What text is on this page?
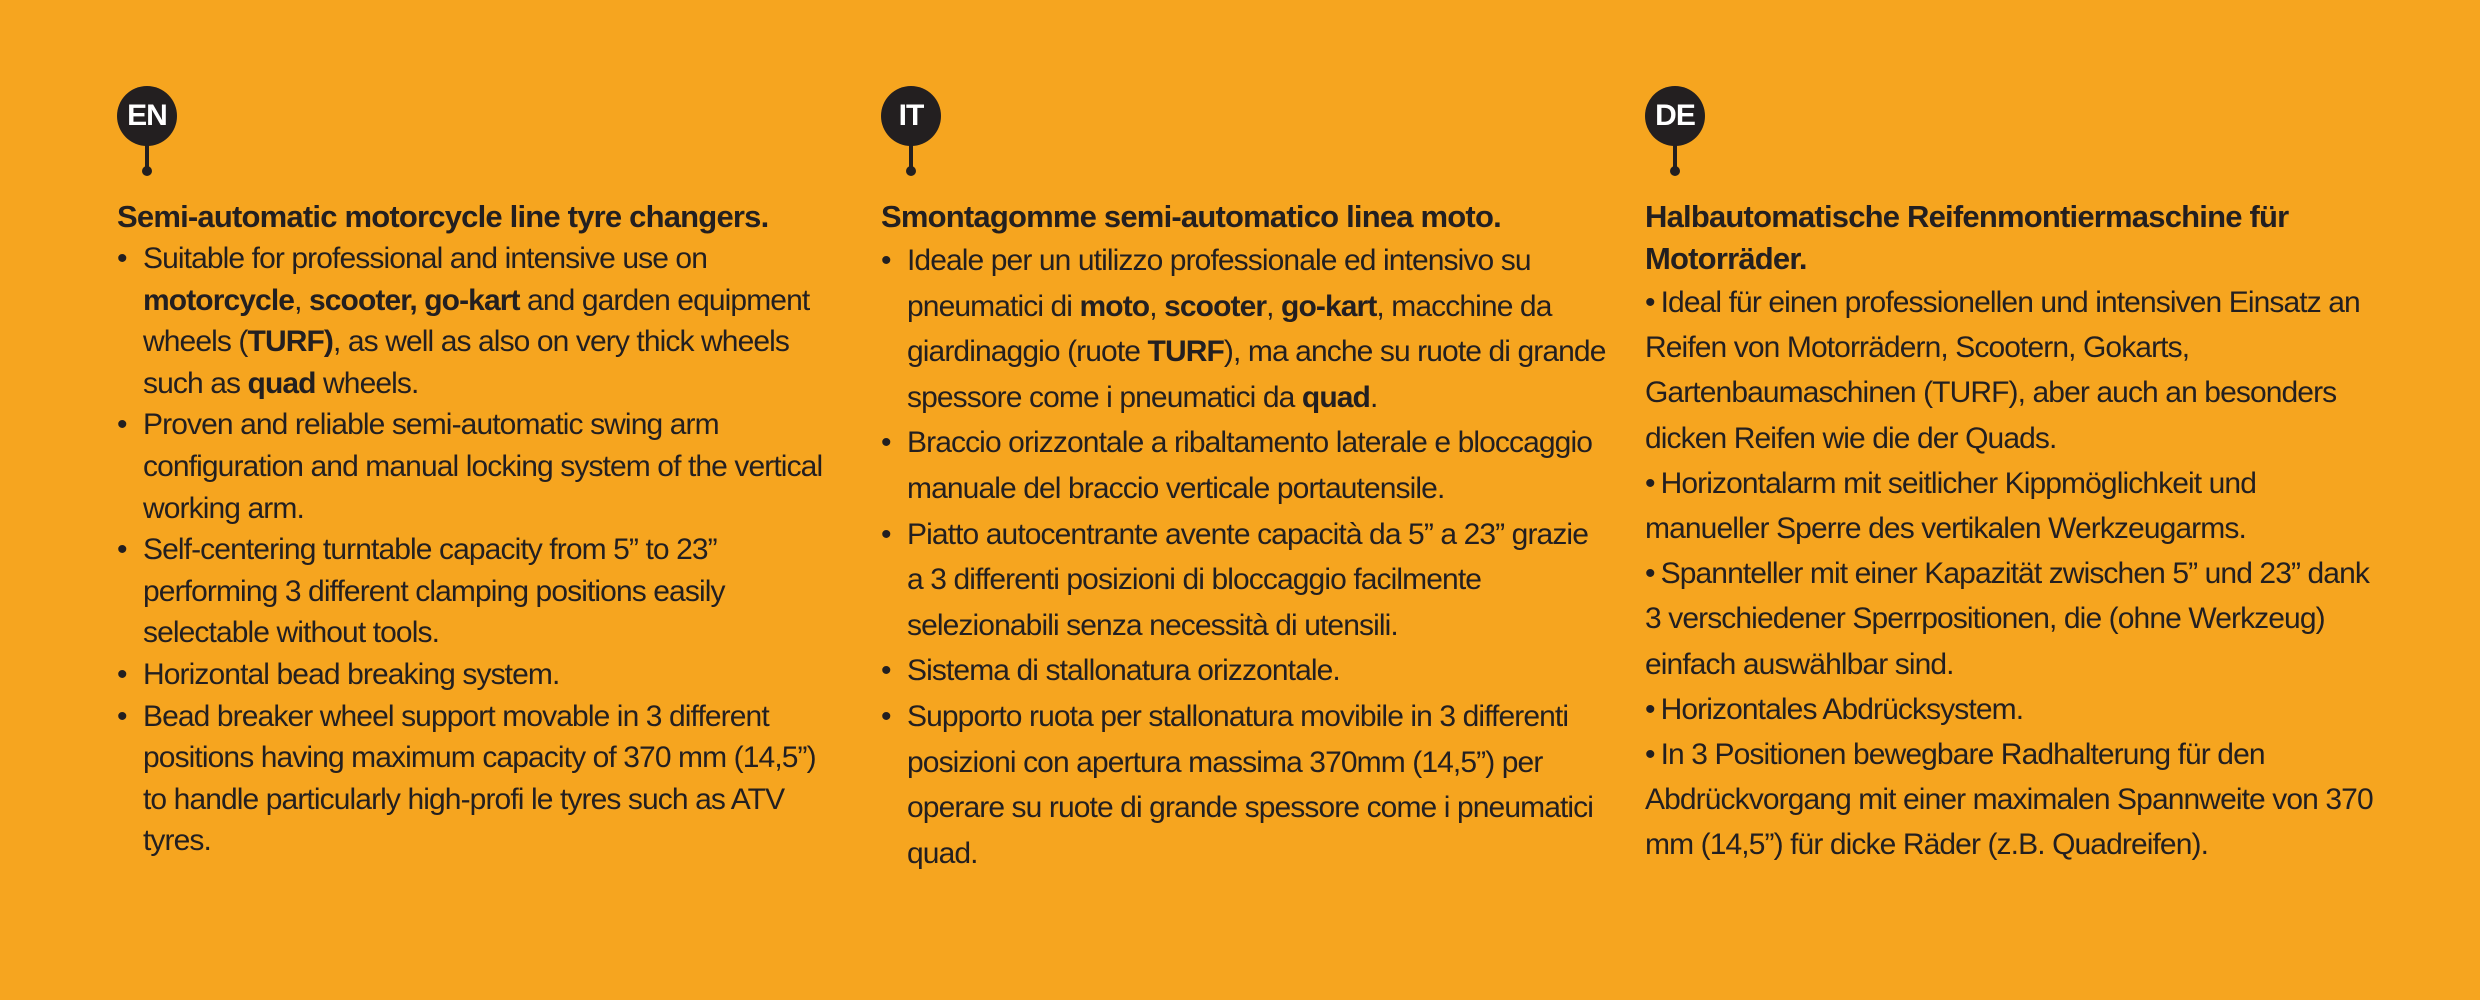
EN
Semi-automatic motorcycle line tyre changers.
• Suitable for professional and intensive use on motorcycle, scooter, go-kart and garden equipment wheels (TURF), as well as also on very thick wheels such as quad wheels.
• Proven and reliable semi-automatic swing arm configuration and manual locking system of the vertical working arm.
• Self-centering turntable capacity from 5” to 23” performing 3 different clamping positions easily selectable without tools.
• Horizontal bead breaking system.
• Bead breaker wheel support movable in 3 different positions having maximum capacity of 370 mm (14,5”) to handle particularly high-profi le tyres such as ATV tyres.
IT
Smontagomme semi-automatico linea moto.
• Ideale per un utilizzo professionale ed intensivo su pneumatici di moto, scooter, go-kart, macchine da giardinaggio (ruote TURF), ma anche su ruote di grande spessore come i pneumatici da quad.
• Braccio orizzontale a ribaltamento laterale e bloccaggio manuale del braccio verticale portautensile.
• Piatto autocentrante avente capacità da 5” a 23” grazie a 3 differenti posizioni di bloccaggio facilmente selezionabili senza necessità di utensili.
• Sistema di stallonatura orizzontale.
• Supporto ruota per stallonatura movibile in 3 differenti posizioni con apertura massima 370mm (14,5”) per operare su ruote di grande spessore come i pneumatici quad.
DE
Halbautomatische Reifenmontiermaschine für Motorräder.
• Ideal für einen professionellen und intensiven Einsatz an Reifen von Motorrädern, Scootern, Gokarts, Gartenbaumaschinen (TURF), aber auch an besonders dicken Reifen wie die der Quads.
• Horizontalarm mit seitlicher Kippmöglichkeit und manueller Sperre des vertikalen Werkzeugarms.
• Spannteller mit einer Kapazität zwischen 5” und 23” dank 3 verschiedener Sperrpositionen, die (ohne Werkzeug) einfach auswählbar sind.
• Horizontales Abdrücksystem.
• In 3 Positionen bewegbare Radhalterung für den Abdrückvorgang mit einer maximalen Spannweite von 370 mm (14,5”) für dicke Räder (z.B. Quadreifen).
